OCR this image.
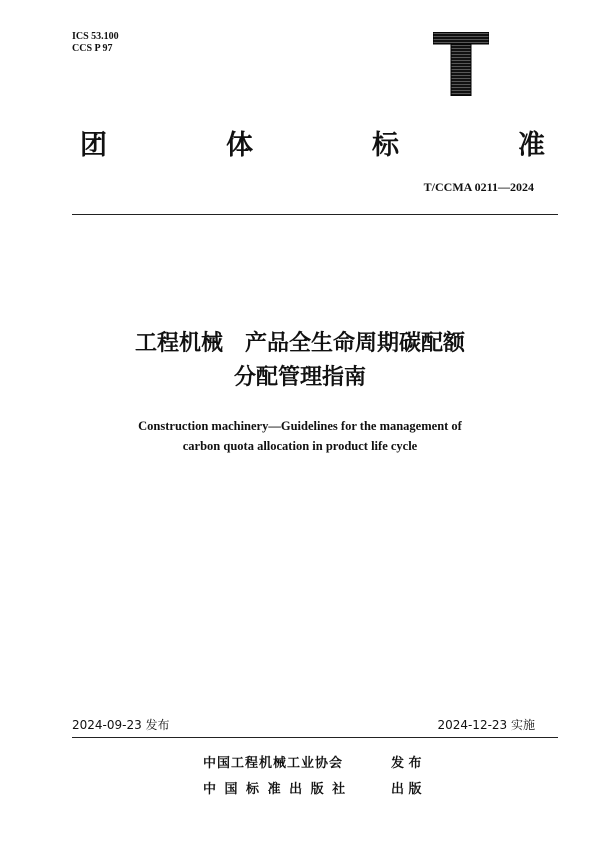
ICS 53.100
CCS P 97
团	体	标	准
T/CCMA 0211—2024
工程机械　产品全生命周期碳配额
分配管理指南
Construction machinery—Guidelines for the management of
carbon quota allocation in product life cycle
2024-09-23 发布	2024-12-23 实施
中国工程机械工业协会	发 布
中 国 标 准 出 版 社	出 版
